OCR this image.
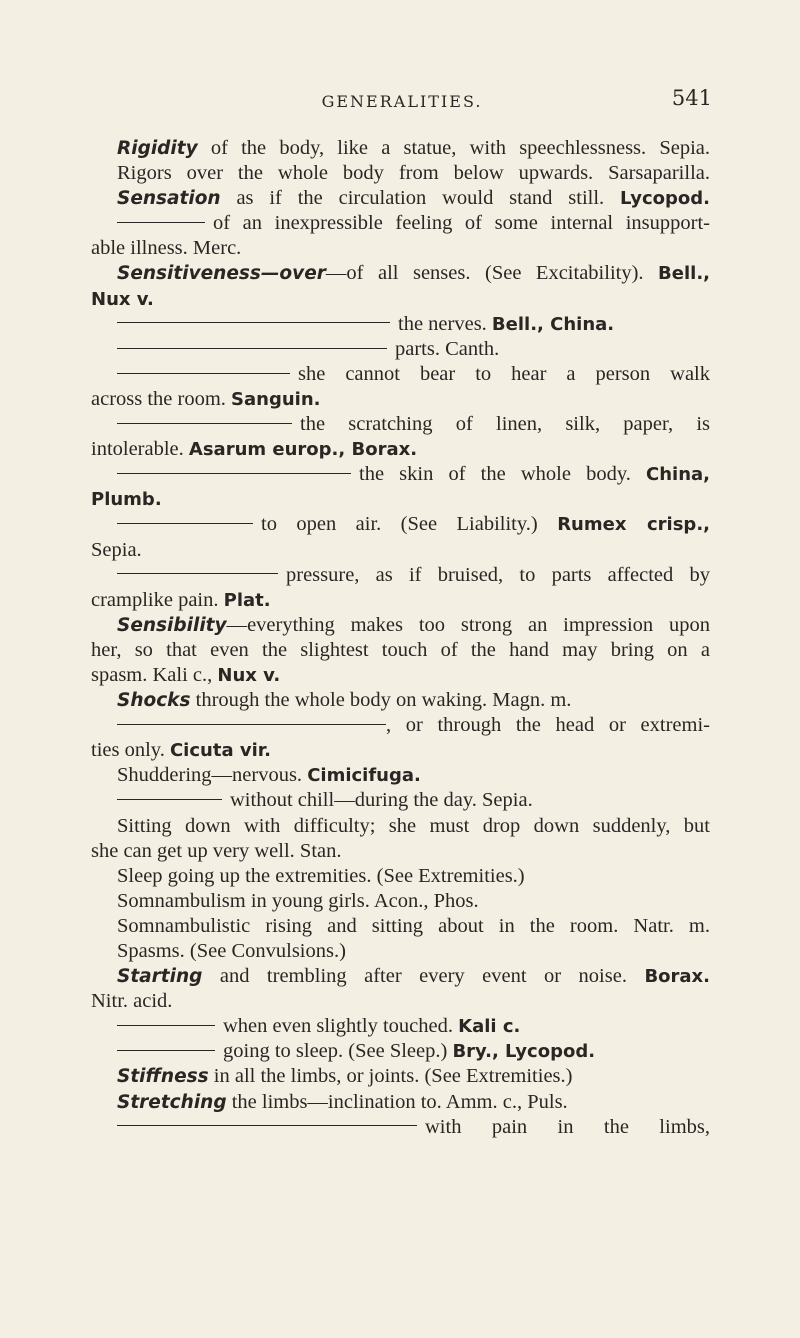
GENERALITIES.	541
Rigidity of the body, like a statue, with speechlessness. Sepia.
Rigors over the whole body from below upwards. Sarsaparilla.
Sensation as if the circulation would stand still. Lycopod.
of an inexpressible feeling of some internal insupport-
able illness. Merc.
Sensitiveness—over—of all senses. (See Excitability). Bell.,
Nux v.
the nerves. Bell., China.
parts. Canth.
she cannot bear to hear a person walk
across the room. Sanguin.
the scratching of linen, silk, paper, is
intolerable. Asarum europ., Borax.
the skin of the whole body. China,
Plumb.
to open air. (See Liability.) Rumex crisp.,
Sepia.
pressure, as if bruised, to parts affected by
cramplike pain. Plat.
Sensibility—everything makes too strong an impression upon
her, so that even the slightest touch of the hand may bring on a
spasm. Kali c., Nux v.
Shocks through the whole body on waking. Magn. m.
, or through the head or extremi-
ties only. Cicuta vir.
Shuddering—nervous. Cimicifuga.
without chill—during the day. Sepia.
Sitting down with difficulty; she must drop down suddenly, but
she can get up very well. Stan.
Sleep going up the extremities. (See Extremities.)
Somnambulism in young girls. Acon., Phos.
Somnambulistic rising and sitting about in the room. Natr. m.
Spasms. (See Convulsions.)
Starting and trembling after every event or noise. Borax.
Nitr. acid.
when even slightly touched. Kali c.
going to sleep. (See Sleep.) Bry., Lycopod.
Stiffness in all the limbs, or joints. (See Extremities.)
Stretching the limbs—inclination to. Amm. c., Puls.
with pain in the limbs,
